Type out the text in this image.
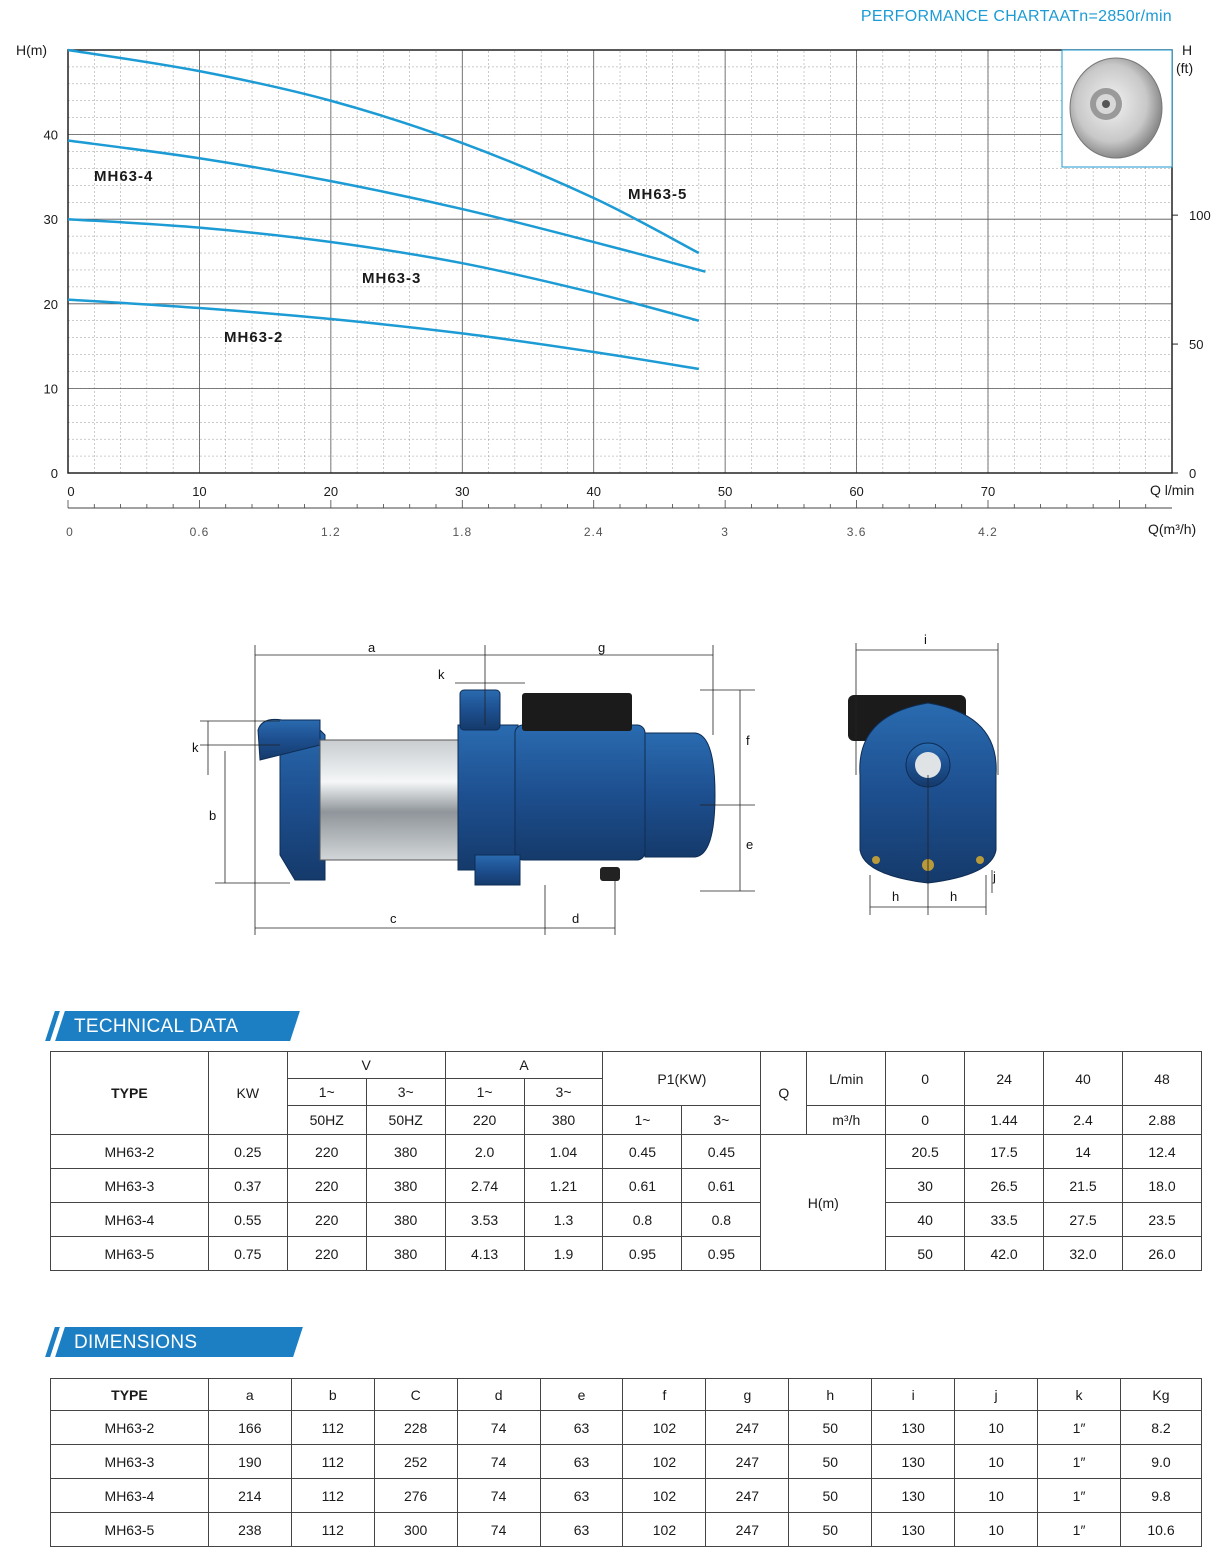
PERFORMANCE CHARTAATn=2850r/min
0
10
20
30
40
0	10	20	30	40	50	60	70
0
50
100
H(m)	H
(ft)
Q l/min
Q(m³/h)
0	0.6	1.2	1.8	2.4	3	3.6	4.2
MH63-5
MH63-4
MH63-3
MH63-2
a	g
k
f
k
b
e
c	d
i
h	h
j
TECHNICAL DATA
TYPE	KW	V		A		P1(KW)		Q	L/min	0	24	40	48
		1~	3~	1~	3~								
		50HZ	50HZ	220	380	1~	3~		m³/h	0	1.44	2.4	2.88
MH63-2	0.25	220	380	2.0	1.04	0.45	0.45	H(m)		20.5	17.5	14	12.4
MH63-3	0.37	220	380	2.74	1.21	0.61	0.61			30	26.5	21.5	18.0
MH63-4	0.55	220	380	3.53	1.3	0.8	0.8			40	33.5	27.5	23.5
MH63-5	0.75	220	380	4.13	1.9	0.95	0.95			50	42.0	32.0	26.0
DIMENSIONS
TYPE	a	b	C	d	e	f	g	h	i	j	k	Kg
MH63-2	166	112	228	74	63	102	247	50	130	10	1″	8.2
MH63-3	190	112	252	74	63	102	247	50	130	10	1″	9.0
MH63-4	214	112	276	74	63	102	247	50	130	10	1″	9.8
MH63-5	238	112	300	74	63	102	247	50	130	10	1″	10.6
